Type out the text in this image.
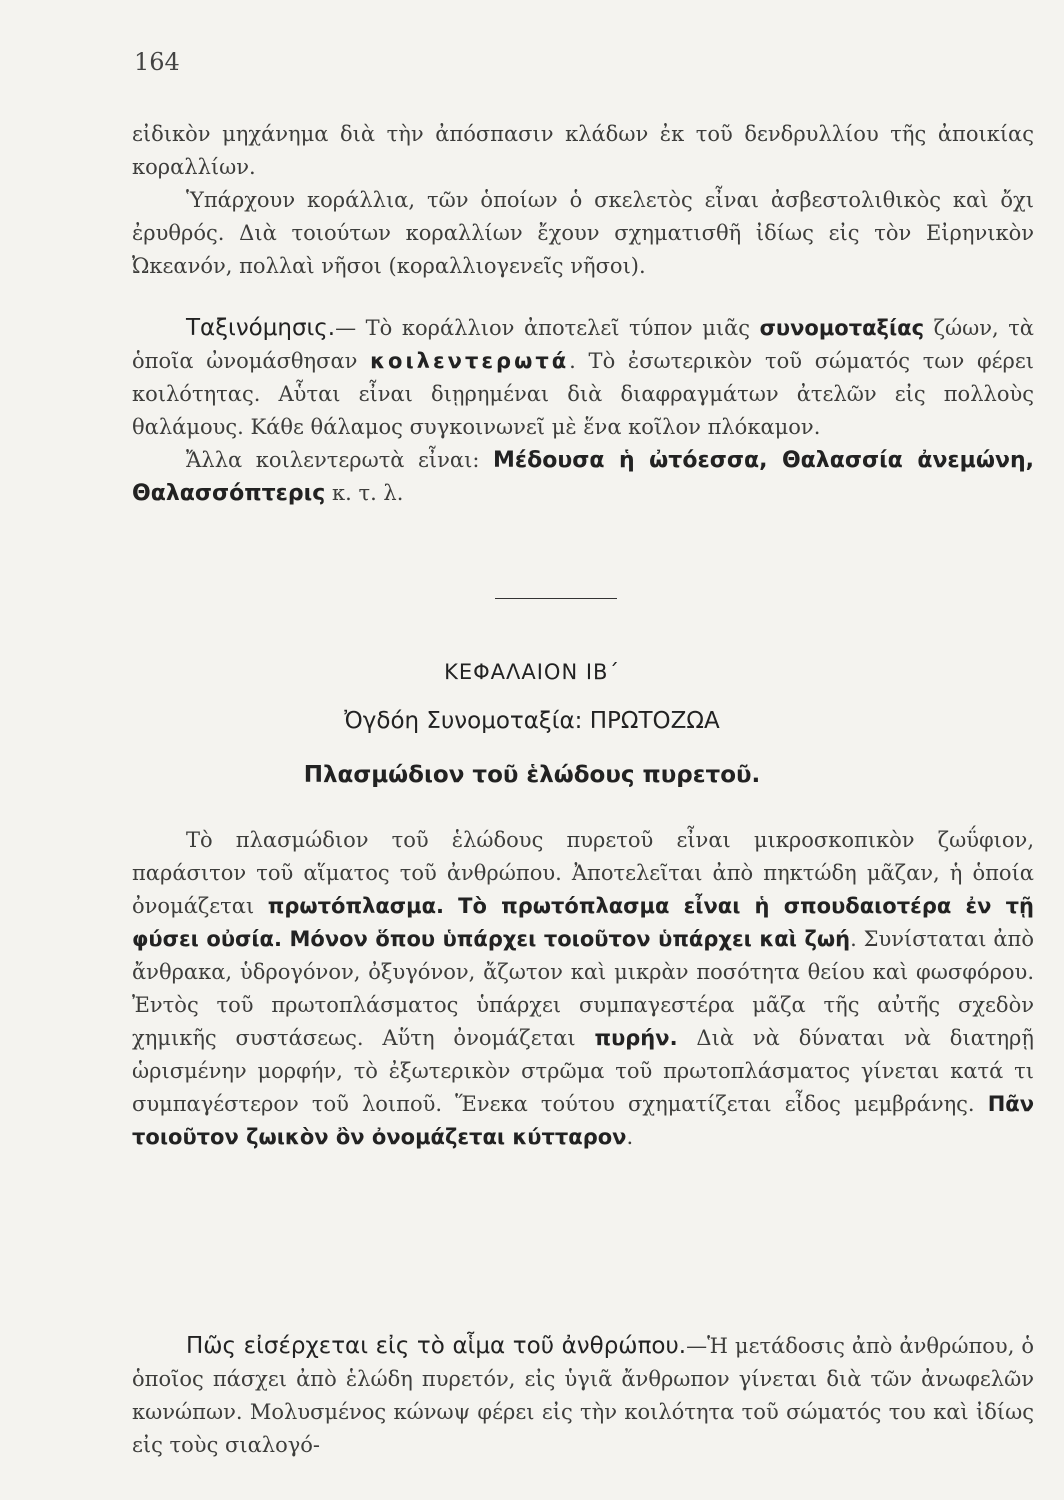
164

εἰδικὸν μηχάνημα διὰ τὴν ἀπόσπασιν κλάδων ἐκ τοῦ δενδρυλλίου τῆς ἀποικίας κοραλλίων.

Ὑπάρχουν κοράλλια, τῶν ὁποίων ὁ σκελετὸς εἶναι ἀσβεστολιθικὸς καὶ ὄχι ἐρυθρός. Διὰ τοιούτων κοραλλίων ἔχουν σχηματισθῆ ἰδίως εἰς τὸν Εἰρηνικὸν Ὠκεανόν, πολλαὶ νῆσοι (κοραλλιογενεῖς νῆσοι).

Ταξινόμησις.— Τὸ κοράλλιον ἀποτελεῖ τύπον μιᾶς συνομοταξίας ζώων, τὰ ὁποῖα ὠνομάσθησαν κοιλεντερωτά. Τὸ ἐσωτερικὸν τοῦ σώματός των φέρει κοιλότητας. Αὗται εἶναι διῃρημέναι διὰ διαφραγμάτων ἀτελῶν εἰς πολλοὺς θαλάμους. Κάθε θάλαμος συγκοινωνεῖ μὲ ἕνα κοῖλον πλόκαμον.

Ἄλλα κοιλεντερωτὰ εἶναι: Μέδουσα ἡ ὠτόεσσα, Θαλασσία ἀνεμώνη, Θαλασσόπτερις κ. τ. λ.

ΚΕΦΑΛΑΙΟΝ ΙΒ΄
Ὀγδόη Συνομοταξία: ΠΡΩΤΟΖΩΑ
Πλασμώδιον τοῦ ἑλώδους πυρετοῦ.

Τὸ πλασμώδιον τοῦ ἑλώδους πυρετοῦ εἶναι μικροσκοπικὸν ζωΰφιον, παράσιτον τοῦ αἵματος τοῦ ἀνθρώπου. Ἀποτελεῖται ἀπὸ πηκτώδη μᾶζαν, ἡ ὁποία ὀνομάζεται πρωτόπλασμα. Τὸ πρωτόπλασμα εἶναι ἡ σπουδαιοτέρα ἐν τῇ φύσει οὐσία. Μόνον ὅπου ὑπάρχει τοιοῦτον ὑπάρχει καὶ ζωή. Συνίσταται ἀπὸ ἄνθρακα, ὑδρογόνον, ὀξυγόνον, ἄζωτον καὶ μικρὰν ποσότητα θείου καὶ φωσφόρου. Ἐντὸς τοῦ πρωτοπλάσματος ὑπάρχει συμπαγεστέρα μᾶζα τῆς αὐτῆς σχεδὸν χημικῆς συστάσεως. Αὕτη ὀνομάζεται πυρήν. Διὰ νὰ δύναται νὰ διατηρῇ ὡρισμένην μορφήν, τὸ ἐξωτερικὸν στρῶμα τοῦ πρωτοπλάσματος γίνεται κατά τι συμπαγέστερον τοῦ λοιποῦ. Ἕνεκα τούτου σχηματίζεται εἶδος μεμβράνης. Πᾶν τοιοῦτον ζωικὸν ὂν ὀνομάζεται κύτταρον.

Πῶς εἰσέρχεται εἰς τὸ αἷμα τοῦ ἀνθρώπου.—Ἡ μετάδοσις ἀπὸ ἀνθρώπου, ὁ ὁποῖος πάσχει ἀπὸ ἑλώδη πυρετόν, εἰς ὑγιᾶ ἄνθρωπον γίνεται διὰ τῶν ἀνωφελῶν κωνώπων. Μολυσμένος κώνωψ φέρει εἰς τὴν κοιλότητα τοῦ σώματός του καὶ ἰδίως εἰς τοὺς σιαλογό-
